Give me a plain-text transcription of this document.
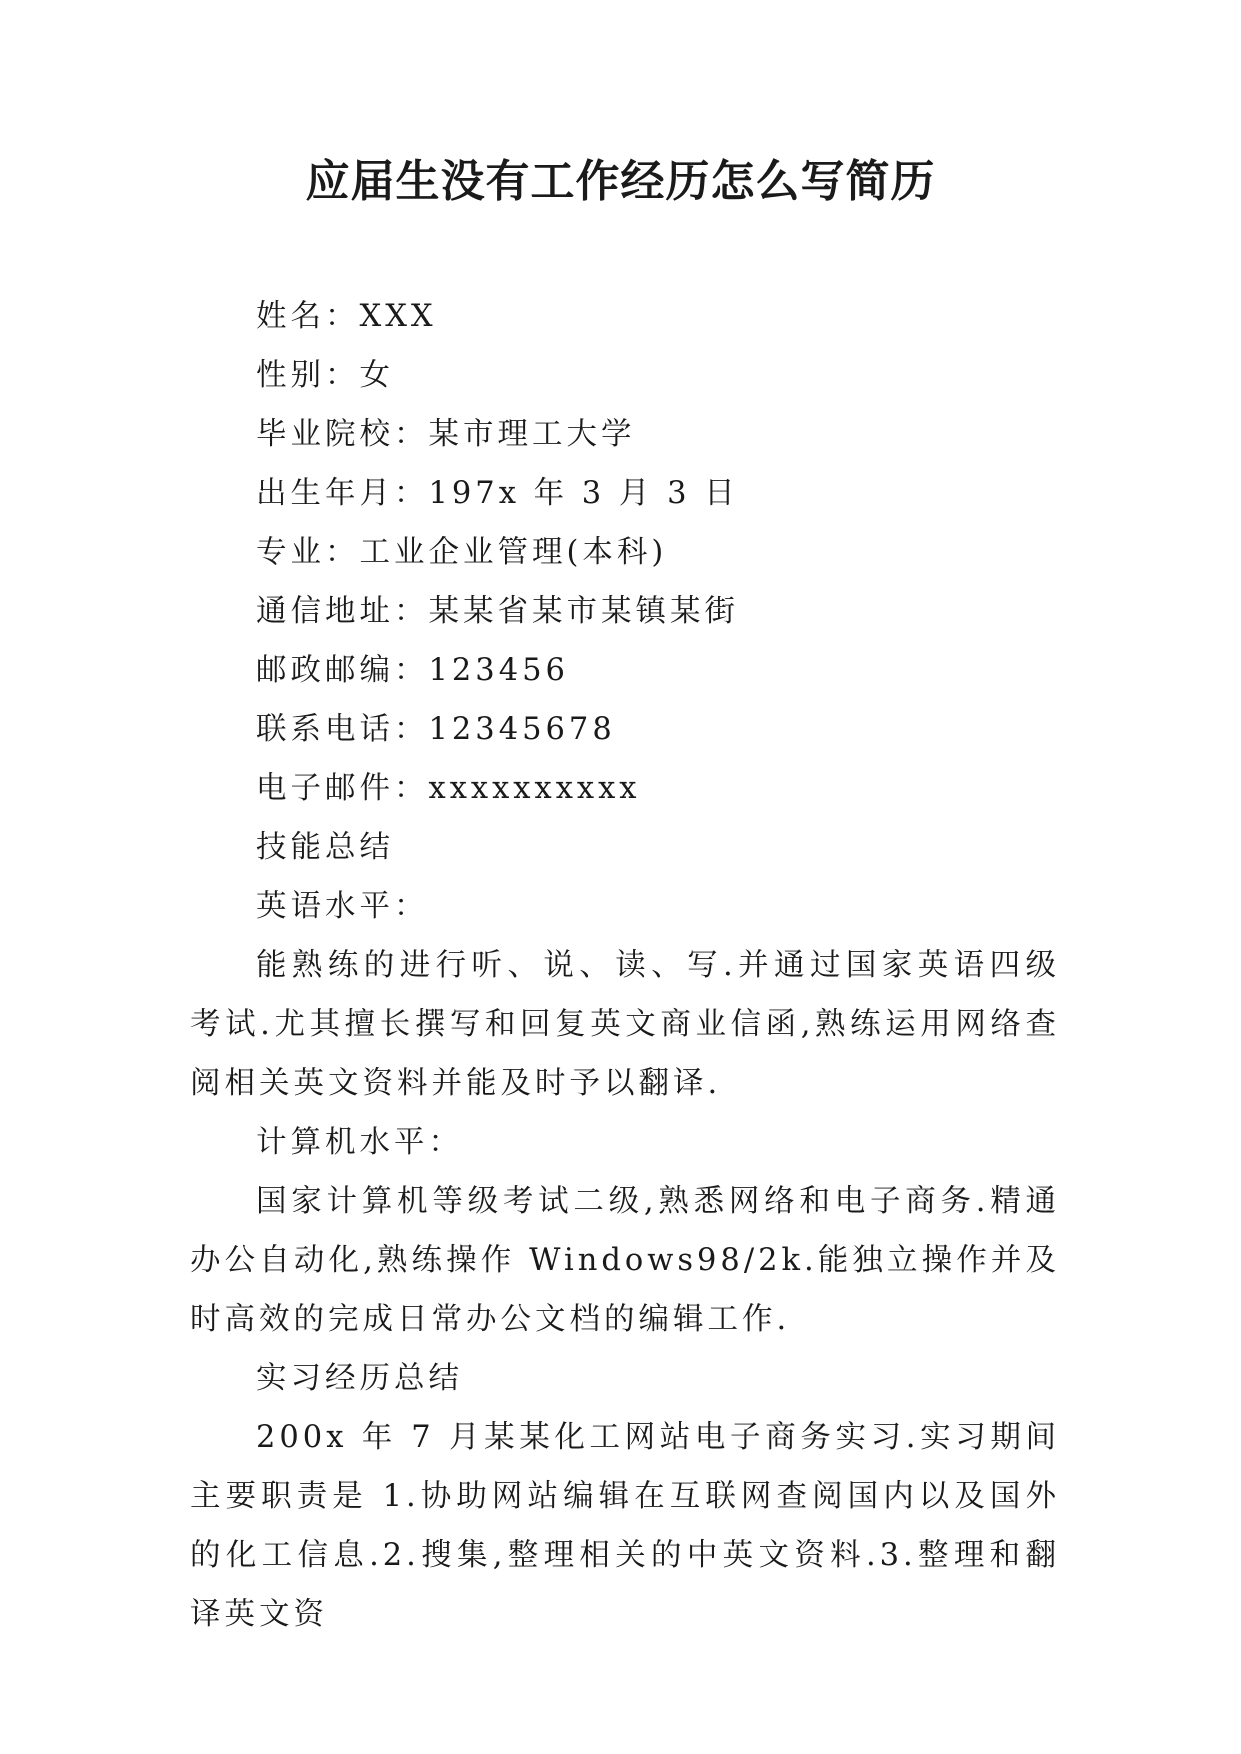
应届生没有工作经历怎么写简历

姓名：XXX

性别：女

毕业院校：某市理工大学

出生年月：197x 年 3 月 3 日

专业：工业企业管理(本科)

通信地址：某某省某市某镇某街

邮政邮编：123456

联系电话：12345678

电子邮件：xxxxxxxxxx

技能总结

英语水平：

能熟练的进行听、说、读、写.并通过国家英语四级考试.尤其擅长撰写和回复英文商业信函,熟练运用网络查阅相关英文资料并能及时予以翻译.

计算机水平：

国家计算机等级考试二级,熟悉网络和电子商务.精通办公自动化,熟练操作 Windows98/2k.能独立操作并及时高效的完成日常办公文档的编辑工作.

实习经历总结

200x 年 7 月某某化工网站电子商务实习.实习期间主要职责是 1.协助网站编辑在互联网查阅国内以及国外的化工信息.2.搜集,整理相关的中英文资料.3.整理和翻译英文资
